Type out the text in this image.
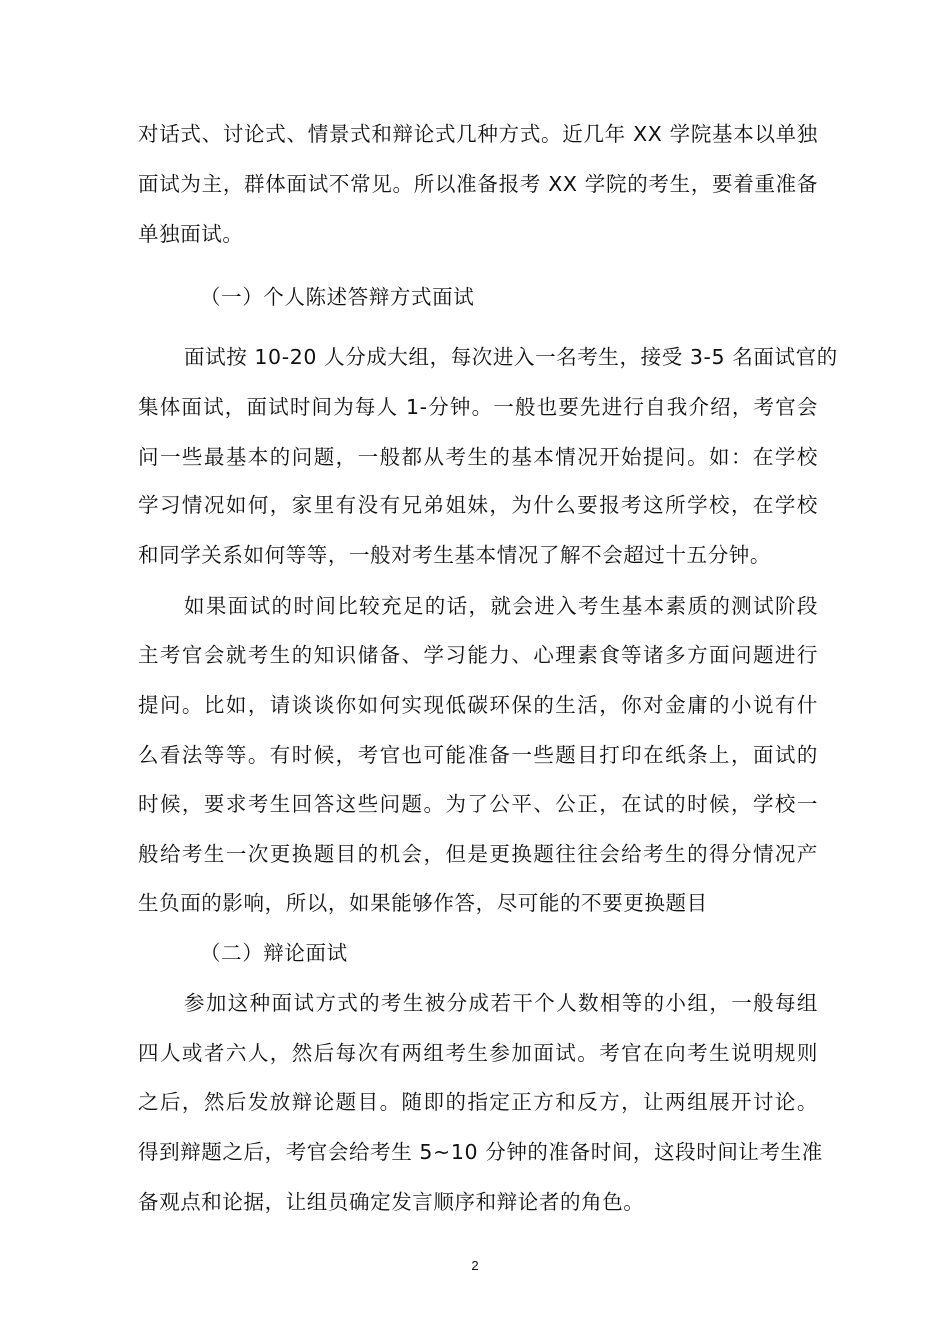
对话式、讨论式、情景式和辩论式几种方式。近几年 XX 学院基本以单独
面试为主，群体面试不常见。所以准备报考 XX 学院的考生，要着重准备
单独面试。
（一）个人陈述答辩方式面试
面试按 10-20 人分成大组，每次进入一名考生，接受 3-5 名面试官的
集体面试，面试时间为每人 1-分钟。一般也要先进行自我介绍，考官会
问一些最基本的问题，一般都从考生的基本情况开始提问。如：在学校
学习情况如何，家里有没有兄弟姐妹，为什么要报考这所学校，在学校
和同学关系如何等等，一般对考生基本情况了解不会超过十五分钟。
如果面试的时间比较充足的话，就会进入考生基本素质的测试阶段
主考官会就考生的知识储备、学习能力、心理素食等诸多方面问题进行
提问。比如，请谈谈你如何实现低碳环保的生活，你对金庸的小说有什
么看法等等。有时候，考官也可能准备一些题目打印在纸条上，面试的
时候，要求考生回答这些问题。为了公平、公正，在试的时候，学校一
般给考生一次更换题目的机会，但是更换题往往会给考生的得分情况产
生负面的影响，所以，如果能够作答，尽可能的不要更换题目
（二）辩论面试
参加这种面试方式的考生被分成若干个人数相等的小组，一般每组
四人或者六人，然后每次有两组考生参加面试。考官在向考生说明规则
之后，然后发放辩论题目。随即的指定正方和反方，让两组展开讨论。
得到辩题之后，考官会给考生 5~10 分钟的准备时间，这段时间让考生准
备观点和论据，让组员确定发言顺序和辩论者的角色。
2
